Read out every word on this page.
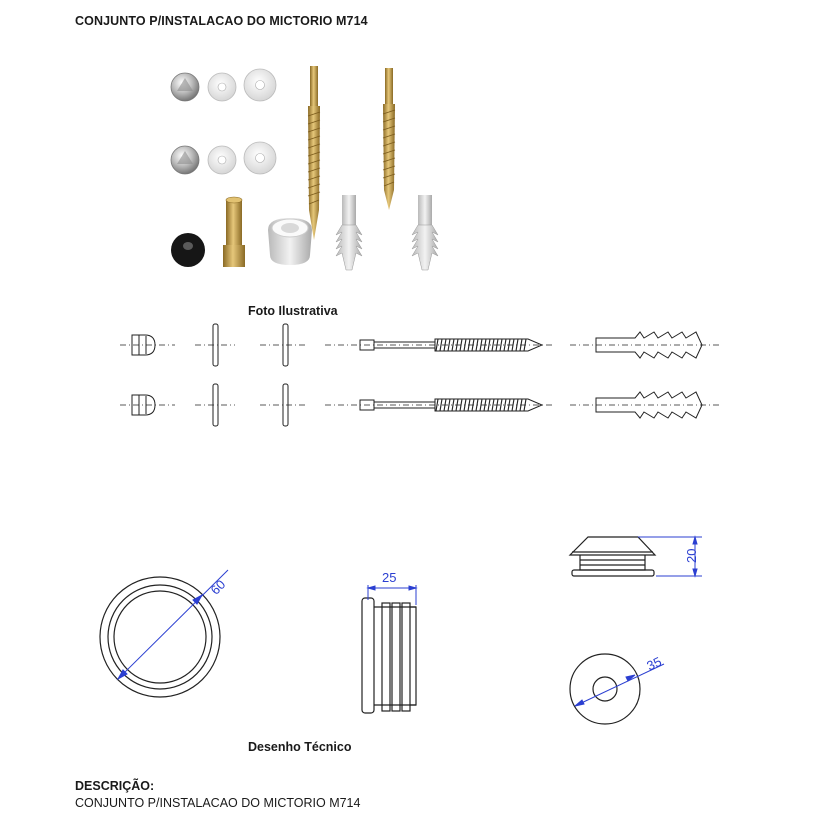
CONJUNTO P/INSTALACAO DO MICTORIO M714
Foto Ilustrativa
60	25
20
35
Desenho Técnico
DESCRIÇÃO:
CONJUNTO P/INSTALACAO DO MICTORIO M714
